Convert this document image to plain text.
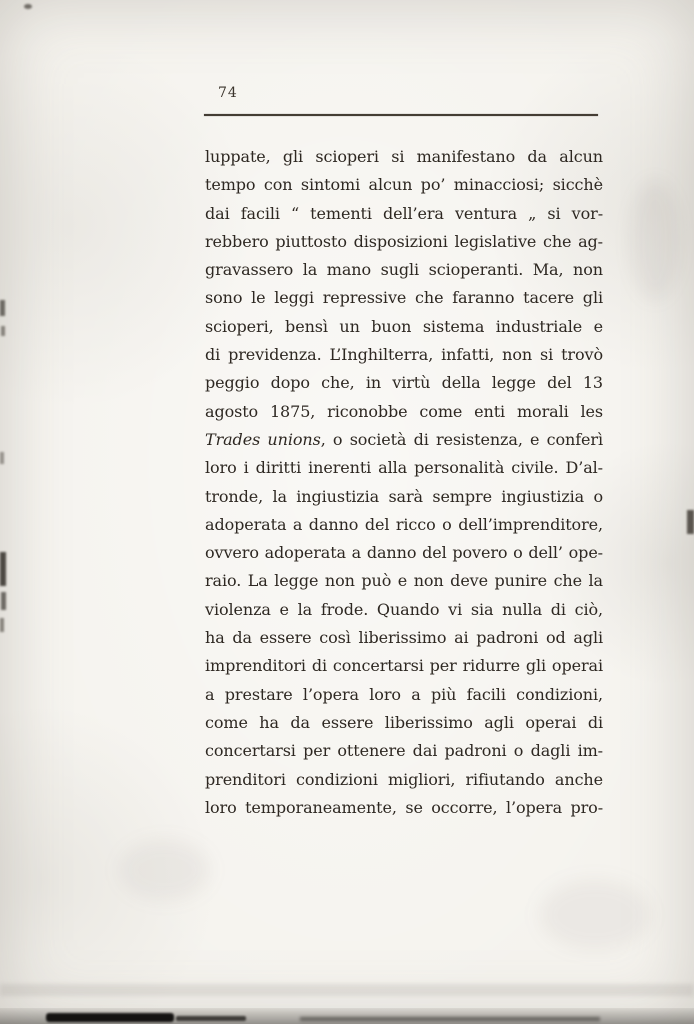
74
luppate, gli scioperi si manifestano da alcun
tempo con sintomi alcun po’ minacciosi; sicchè
dai facili “ tementi dell’era ventura „ si vor-
rebbero piuttosto disposizioni legislative che ag-
gravassero la mano sugli scioperanti. Ma, non
sono le leggi repressive che faranno tacere gli
scioperi, bensì un buon sistema industriale e
di previdenza. L’Inghilterra, infatti, non si trovò
peggio dopo che, in virtù della legge del 13
agosto 1875, riconobbe come enti morali les
Trades unions, o società di resistenza, e conferì
loro i diritti inerenti alla personalità civile. D’al-
tronde, la ingiustizia sarà sempre ingiustizia o
adoperata a danno del ricco o dell’imprenditore,
ovvero adoperata a danno del povero o dell’ ope-
raio. La legge non può e non deve punire che la
violenza e la frode. Quando vi sia nulla di ciò,
ha da essere così liberissimo ai padroni od agli
imprenditori di concertarsi per ridurre gli operai
a prestare l’opera loro a più facili condizioni,
come ha da essere liberissimo agli operai di
concertarsi per ottenere dai padroni o dagli im-
prenditori condizioni migliori, rifiutando anche
loro temporaneamente, se occorre, l’opera pro-
